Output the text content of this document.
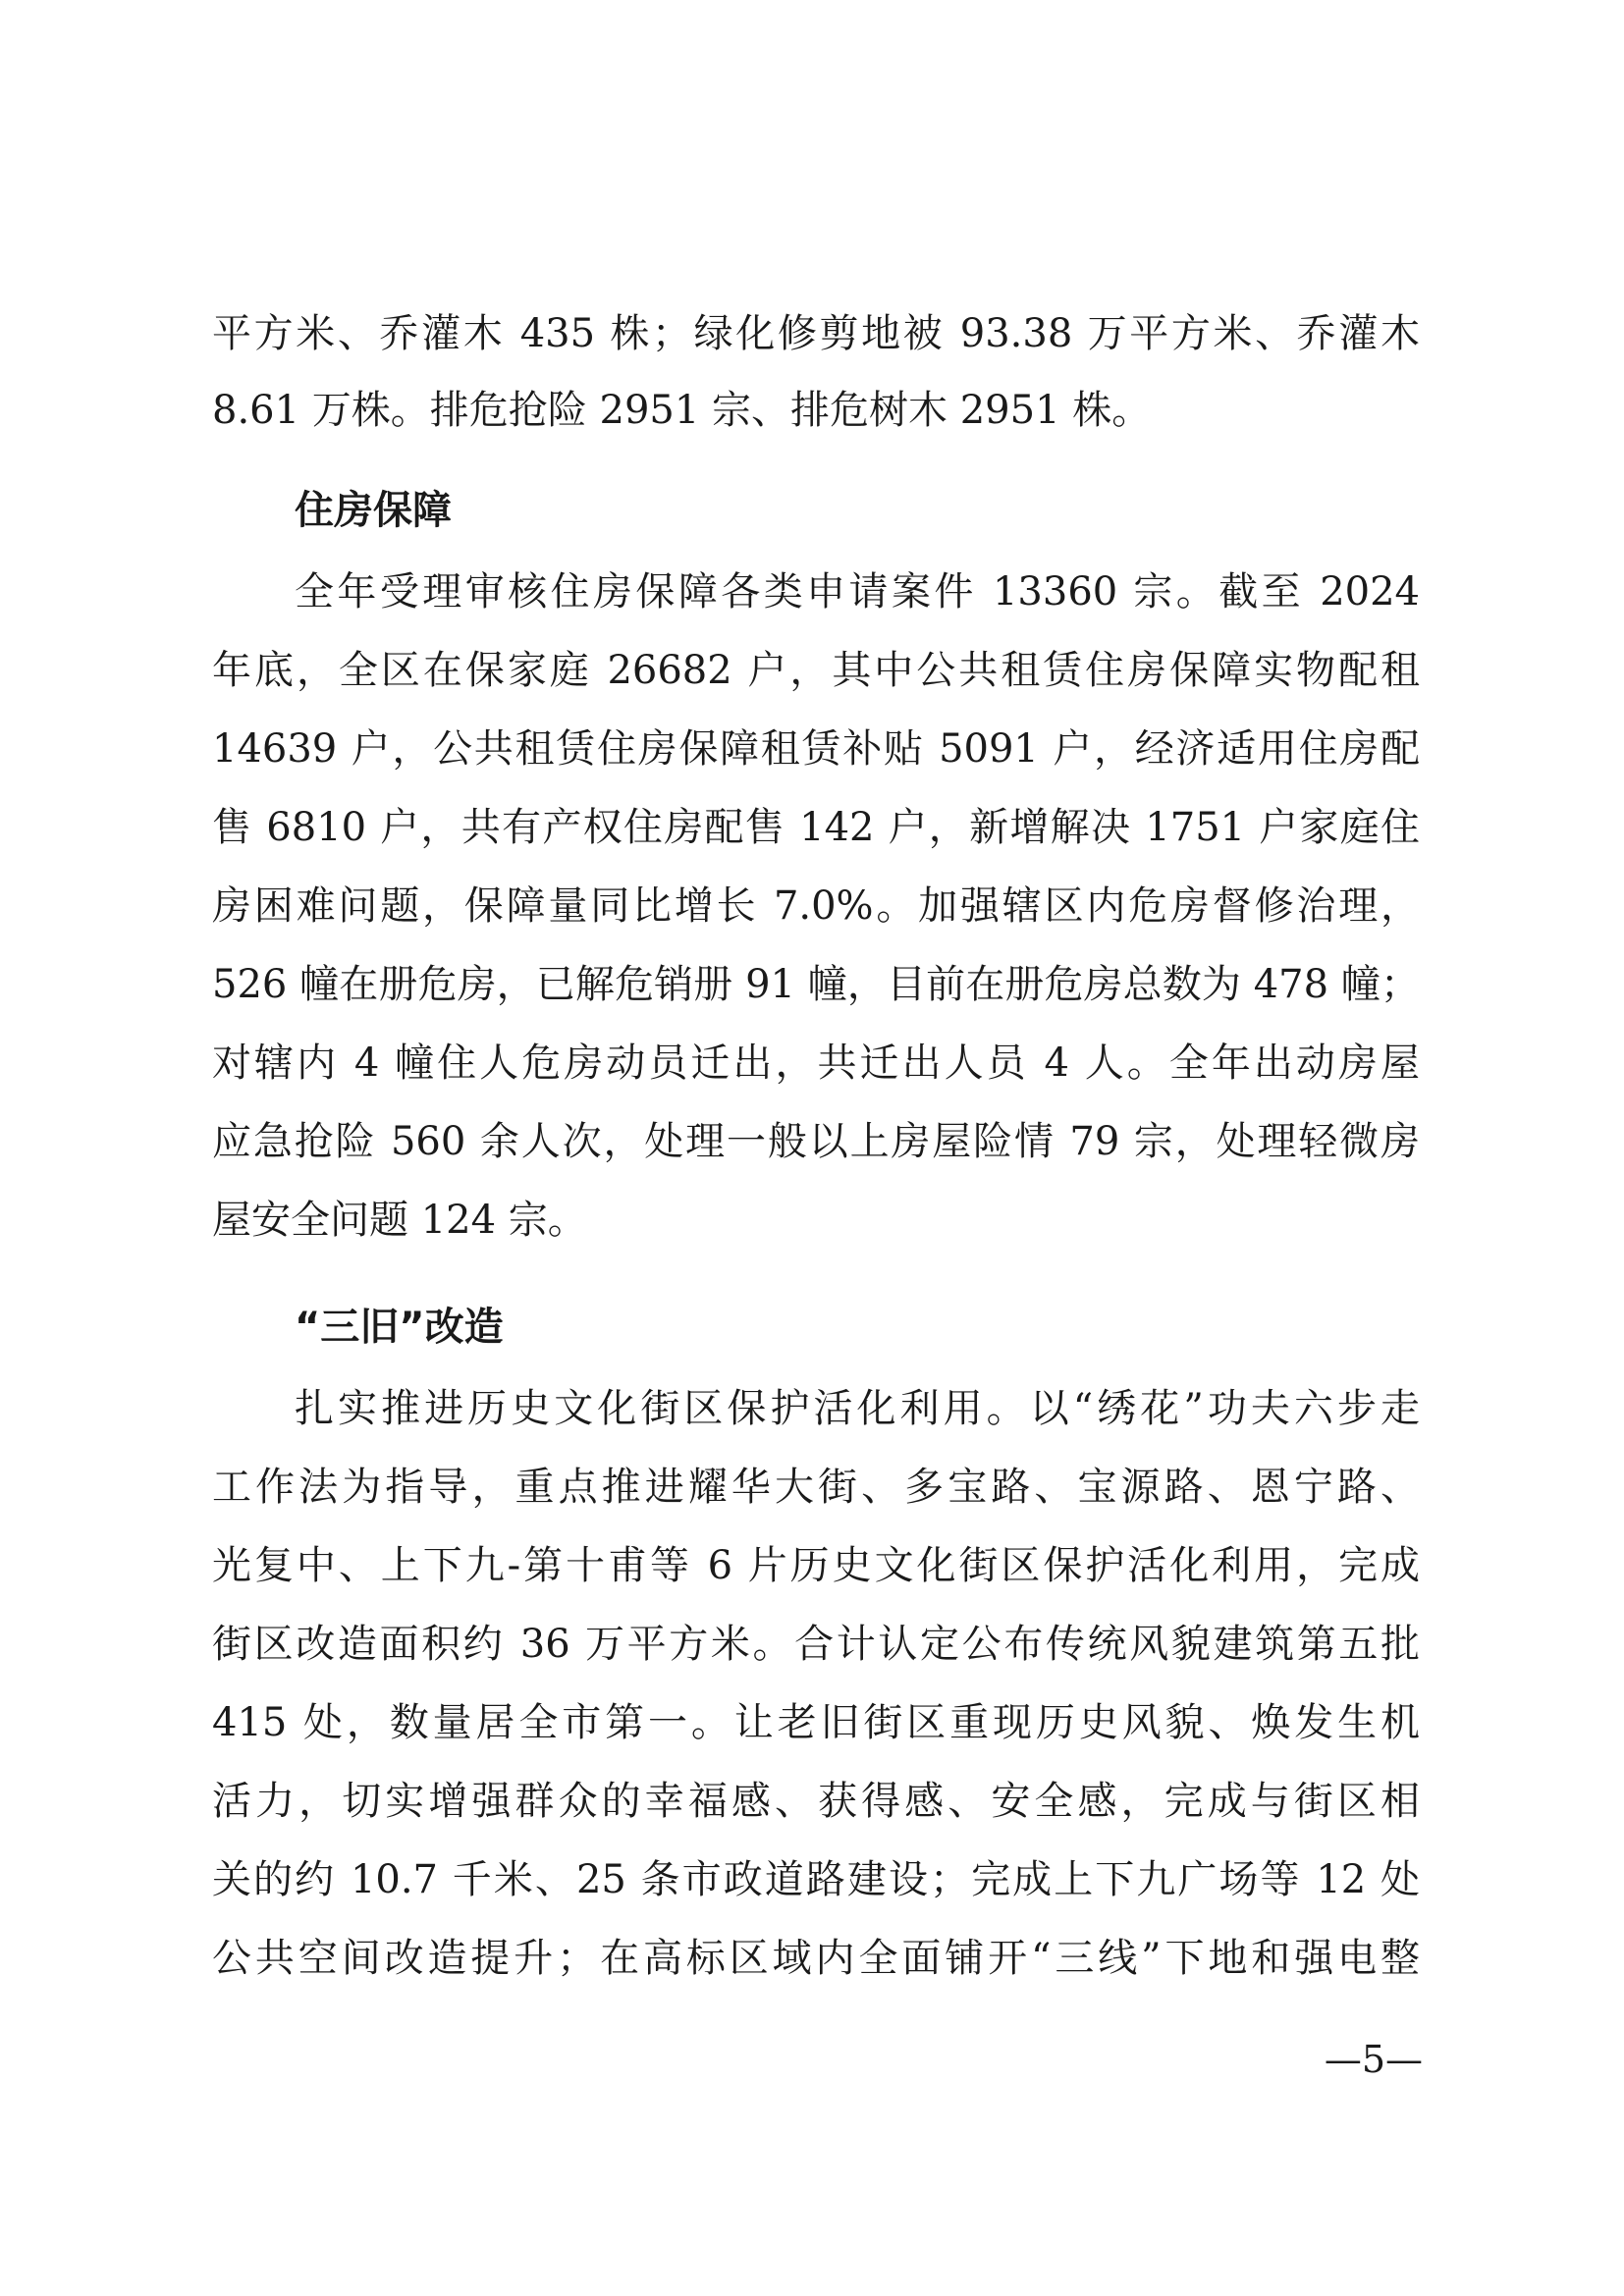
平方米、乔灌木 435 株；绿化修剪地被 93.38 万平方米、乔灌木
8.61 万株。排危抢险 2951 宗、排危树木 2951 株。
住房保障
全年受理审核住房保障各类申请案件 13360 宗。截至 2024
年底，全区在保家庭 26682 户，其中公共租赁住房保障实物配租
14639 户，公共租赁住房保障租赁补贴 5091 户，经济适用住房配
售 6810 户，共有产权住房配售 142 户，新增解决 1751 户家庭住
房困难问题，保障量同比增长 7.0%。加强辖区内危房督修治理，
526 幢在册危房，已解危销册 91 幢，目前在册危房总数为 478 幢；
对辖内 4 幢住人危房动员迁出，共迁出人员 4 人。全年出动房屋
应急抢险 560 余人次，处理一般以上房屋险情 79 宗，处理轻微房
屋安全问题 124 宗。
“三旧”改造
扎实推进历史文化街区保护活化利用。以“绣花”功夫六步走
工作法为指导，重点推进耀华大街、多宝路、宝源路、恩宁路、
光复中、上下九-第十甫等 6 片历史文化街区保护活化利用，完成
街区改造面积约 36 万平方米。合计认定公布传统风貌建筑第五批
415 处，数量居全市第一。让老旧街区重现历史风貌、焕发生机
活力，切实增强群众的幸福感、获得感、安全感，完成与街区相
关的约 10.7 千米、25 条市政道路建设；完成上下九广场等 12 处
公共空间改造提升；在高标区域内全面铺开“三线”下地和强电整
—5—
